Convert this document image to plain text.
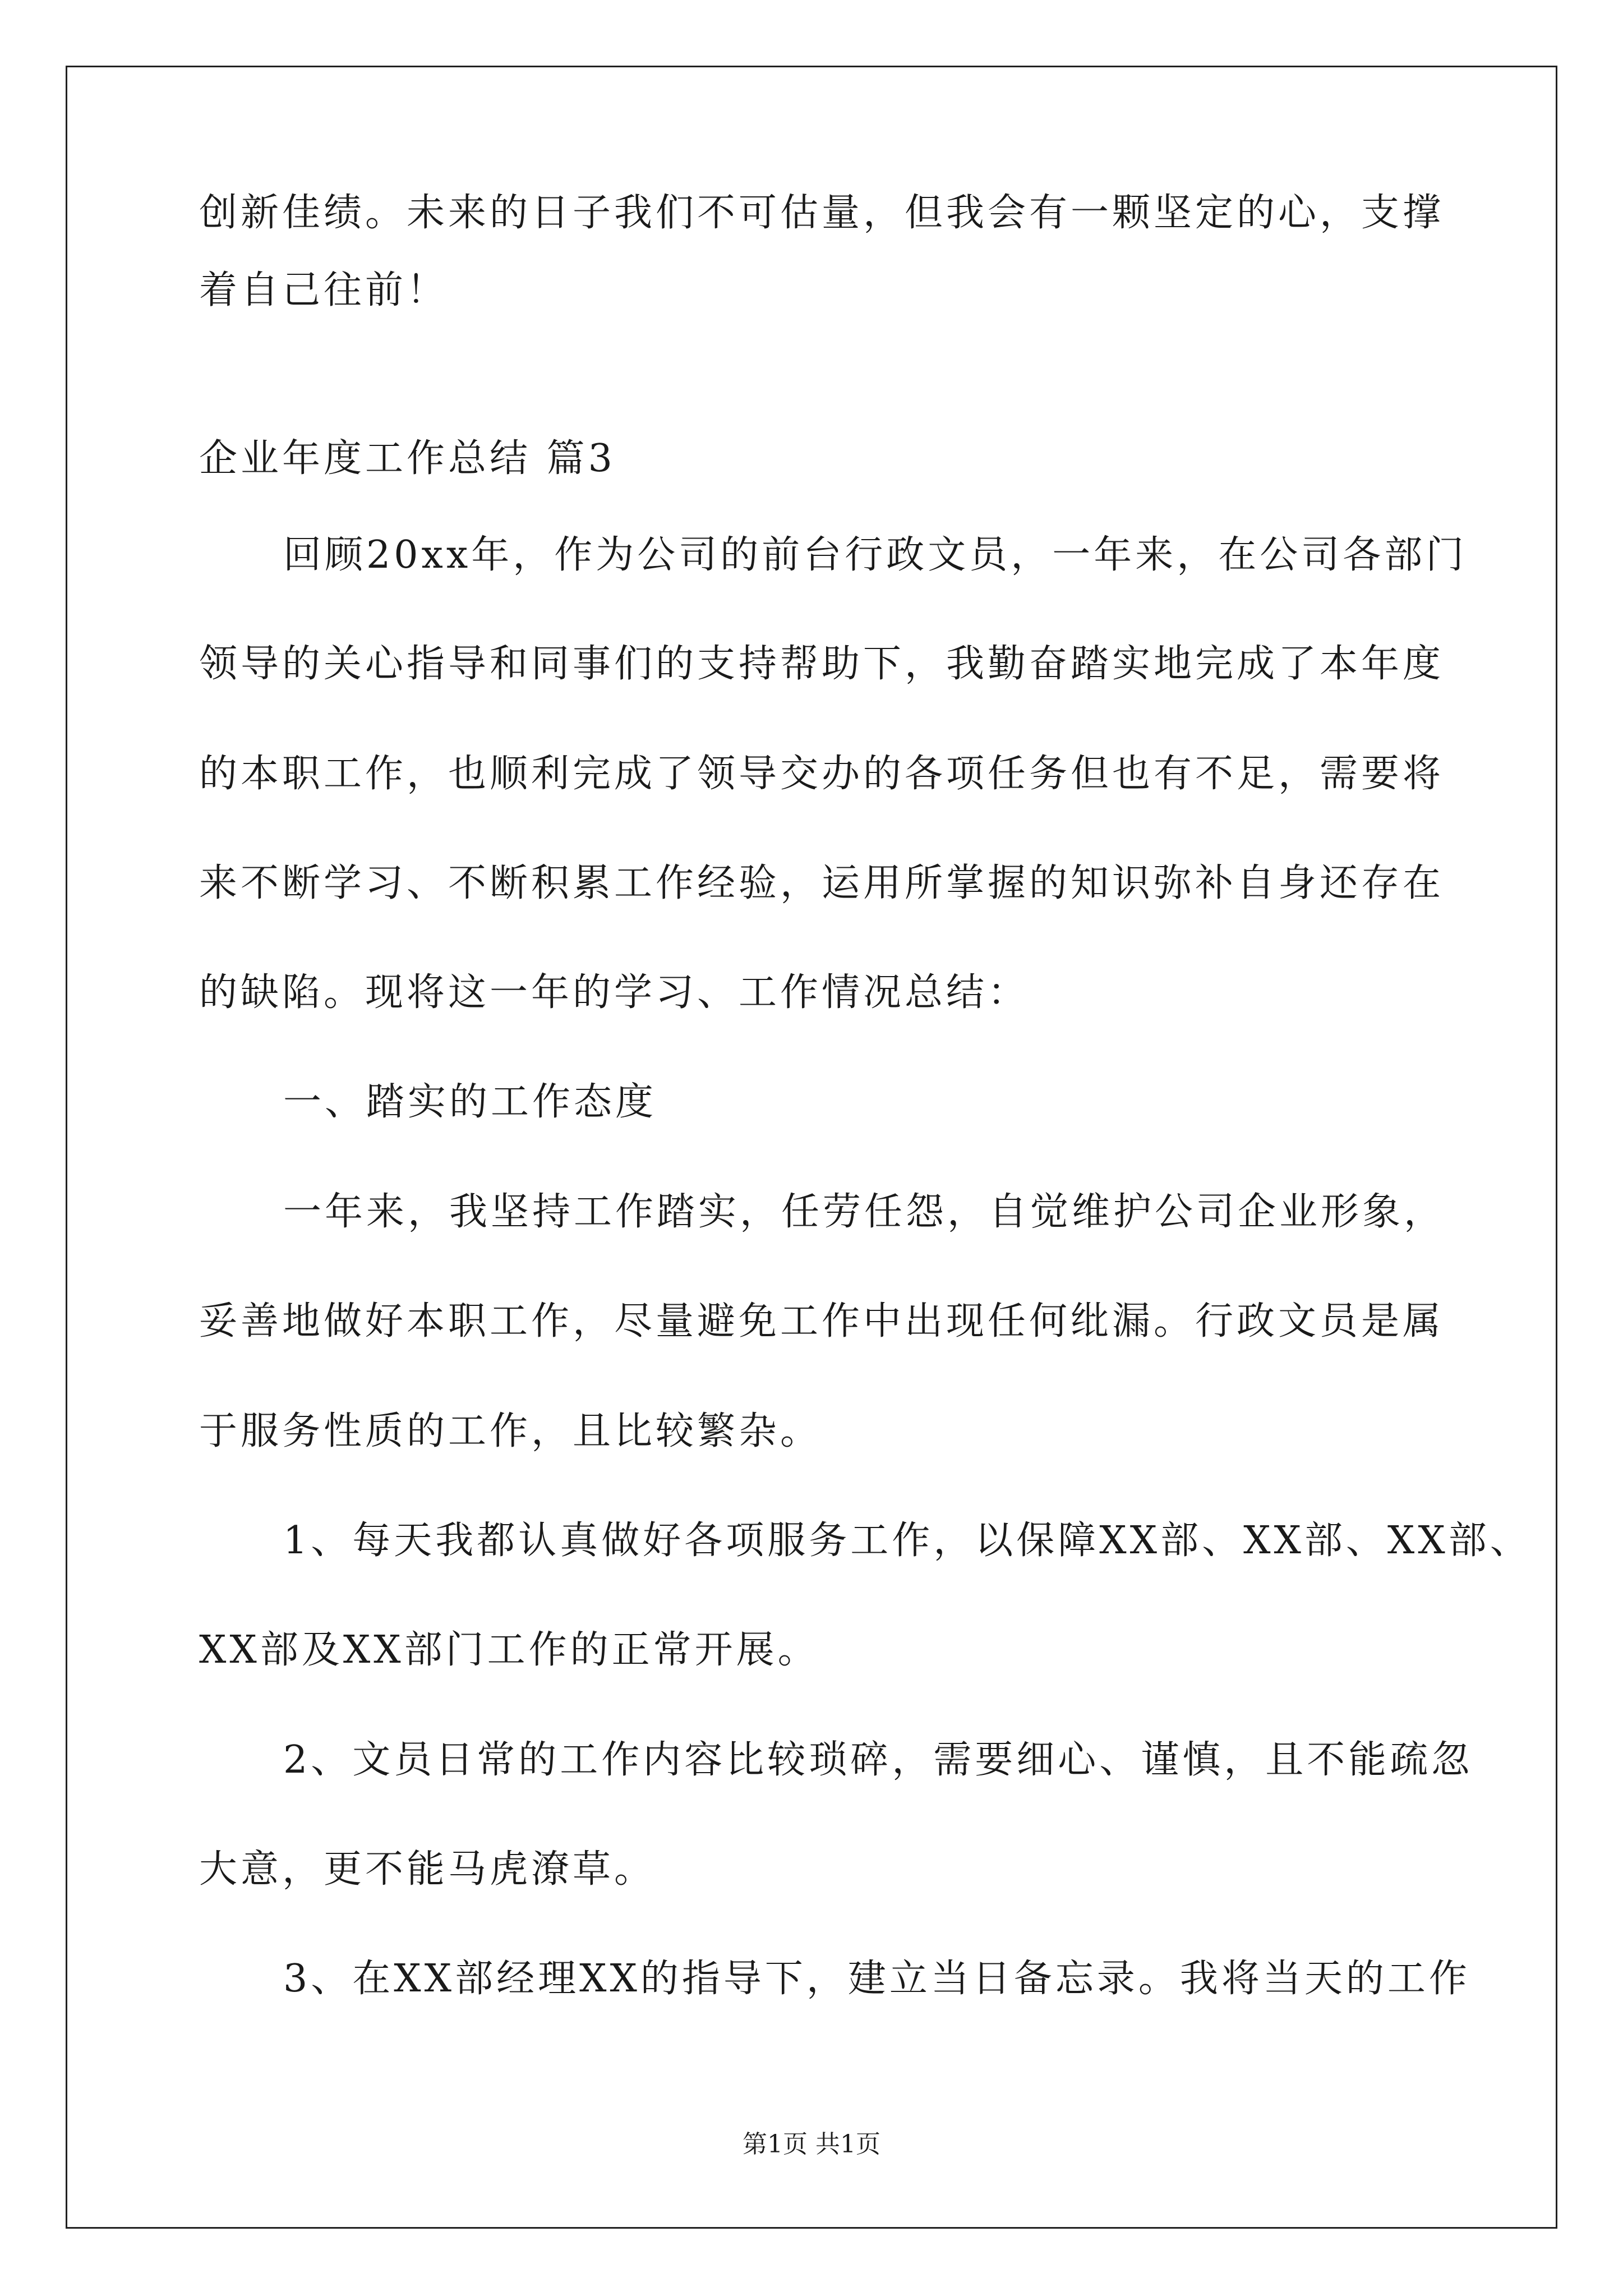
创新佳绩。未来的日子我们不可估量，但我会有一颗坚定的心，支撑
着自己往前！
企业年度工作总结 篇3
回顾20xx年，作为公司的前台行政文员，一年来，在公司各部门
领导的关心指导和同事们的支持帮助下，我勤奋踏实地完成了本年度
的本职工作，也顺利完成了领导交办的各项任务但也有不足，需要将
来不断学习、不断积累工作经验，运用所掌握的知识弥补自身还存在
的缺陷。现将这一年的学习、工作情况总结：
一、踏实的工作态度
一年来，我坚持工作踏实，任劳任怨，自觉维护公司企业形象，
妥善地做好本职工作，尽量避免工作中出现任何纰漏。行政文员是属
于服务性质的工作，且比较繁杂。
1、每天我都认真做好各项服务工作，以保障XX部、XX部、XX部、
XX部及XX部门工作的正常开展。
2、文员日常的工作内容比较琐碎，需要细心、谨慎，且不能疏忽
大意，更不能马虎潦草。
3、在XX部经理XX的指导下，建立当日备忘录。我将当天的工作
第1页 共1页
